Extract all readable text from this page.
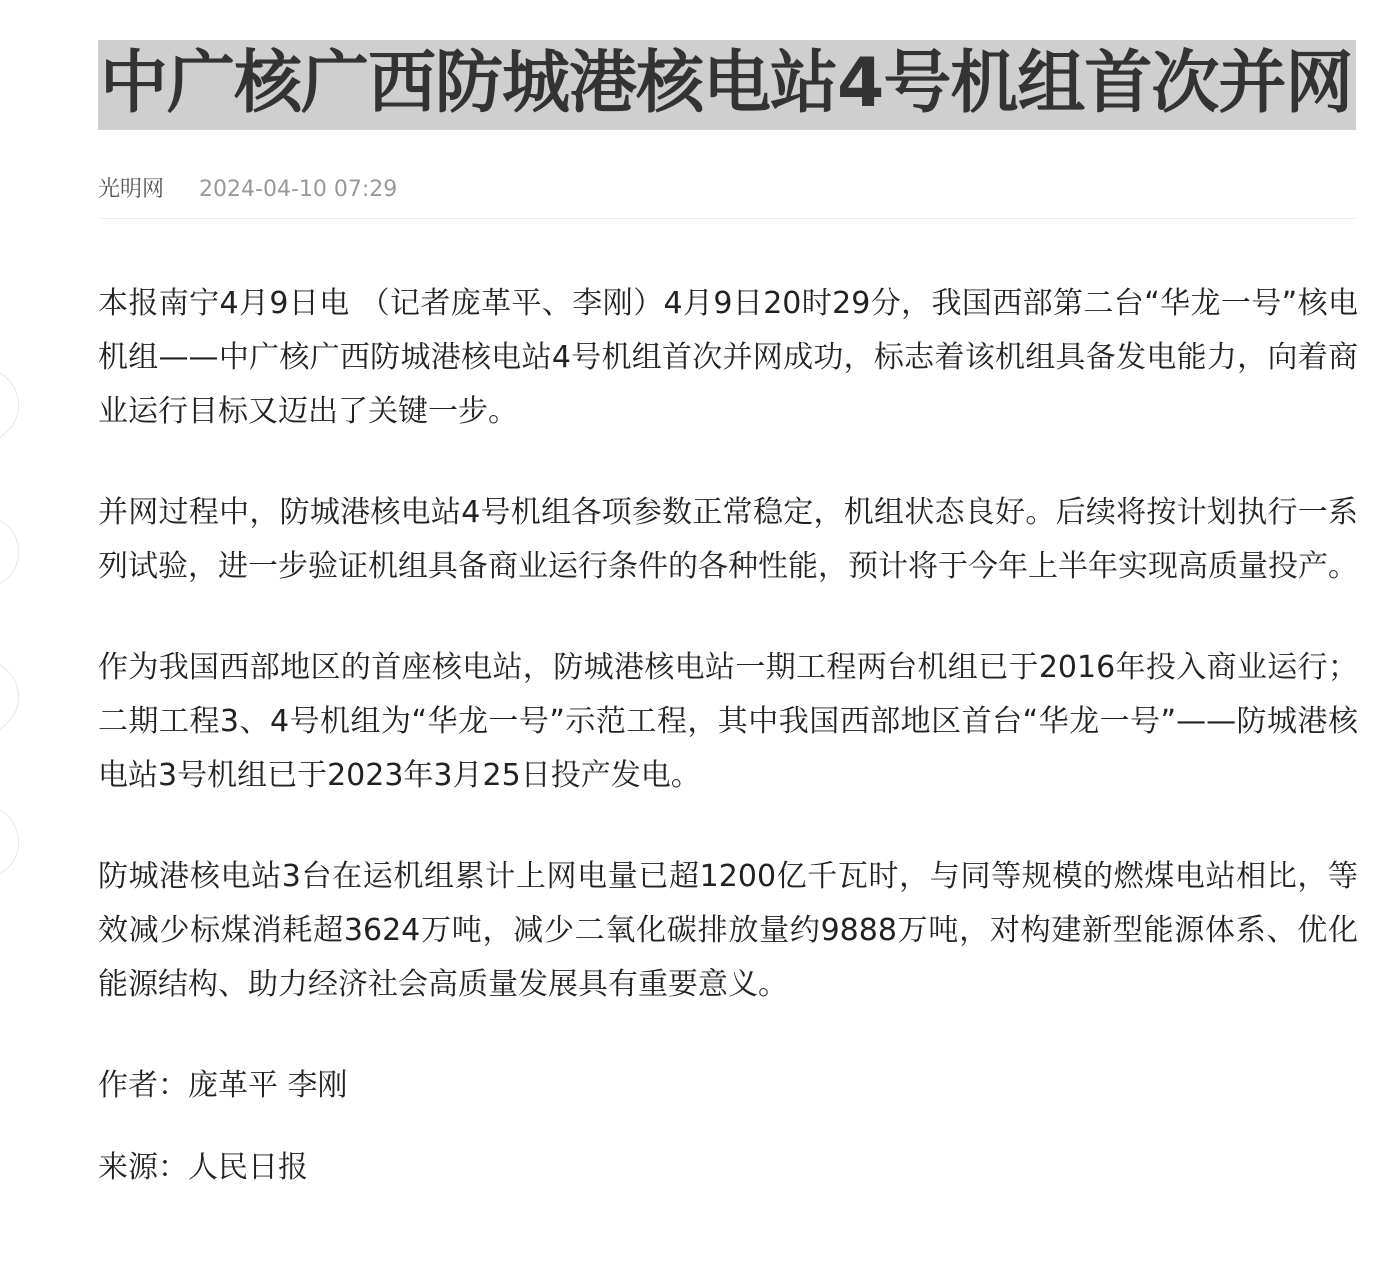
中广核广西防城港核电站4号机组首次并网
光明网 2024-04-10 07:29

本报南宁4月9日电 （记者庞革平、李刚）4月9日20时29分，我国西部第二台“华龙一号”核电机组——中广核广西防城港核电站4号机组首次并网成功，标志着该机组具备发电能力，向着商业运行目标又迈出了关键一步。

并网过程中，防城港核电站4号机组各项参数正常稳定，机组状态良好。后续将按计划执行一系列试验，进一步验证机组具备商业运行条件的各种性能，预计将于今年上半年实现高质量投产。

作为我国西部地区的首座核电站，防城港核电站一期工程两台机组已于2016年投入商业运行；二期工程3、4号机组为“华龙一号”示范工程，其中我国西部地区首台“华龙一号”——防城港核电站3号机组已于2023年3月25日投产发电。

防城港核电站3台在运机组累计上网电量已超1200亿千瓦时，与同等规模的燃煤电站相比，等效减少标煤消耗超3624万吨，减少二氧化碳排放量约9888万吨，对构建新型能源体系、优化能源结构、助力经济社会高质量发展具有重要意义。

作者：庞革平 李刚

来源：人民日报
